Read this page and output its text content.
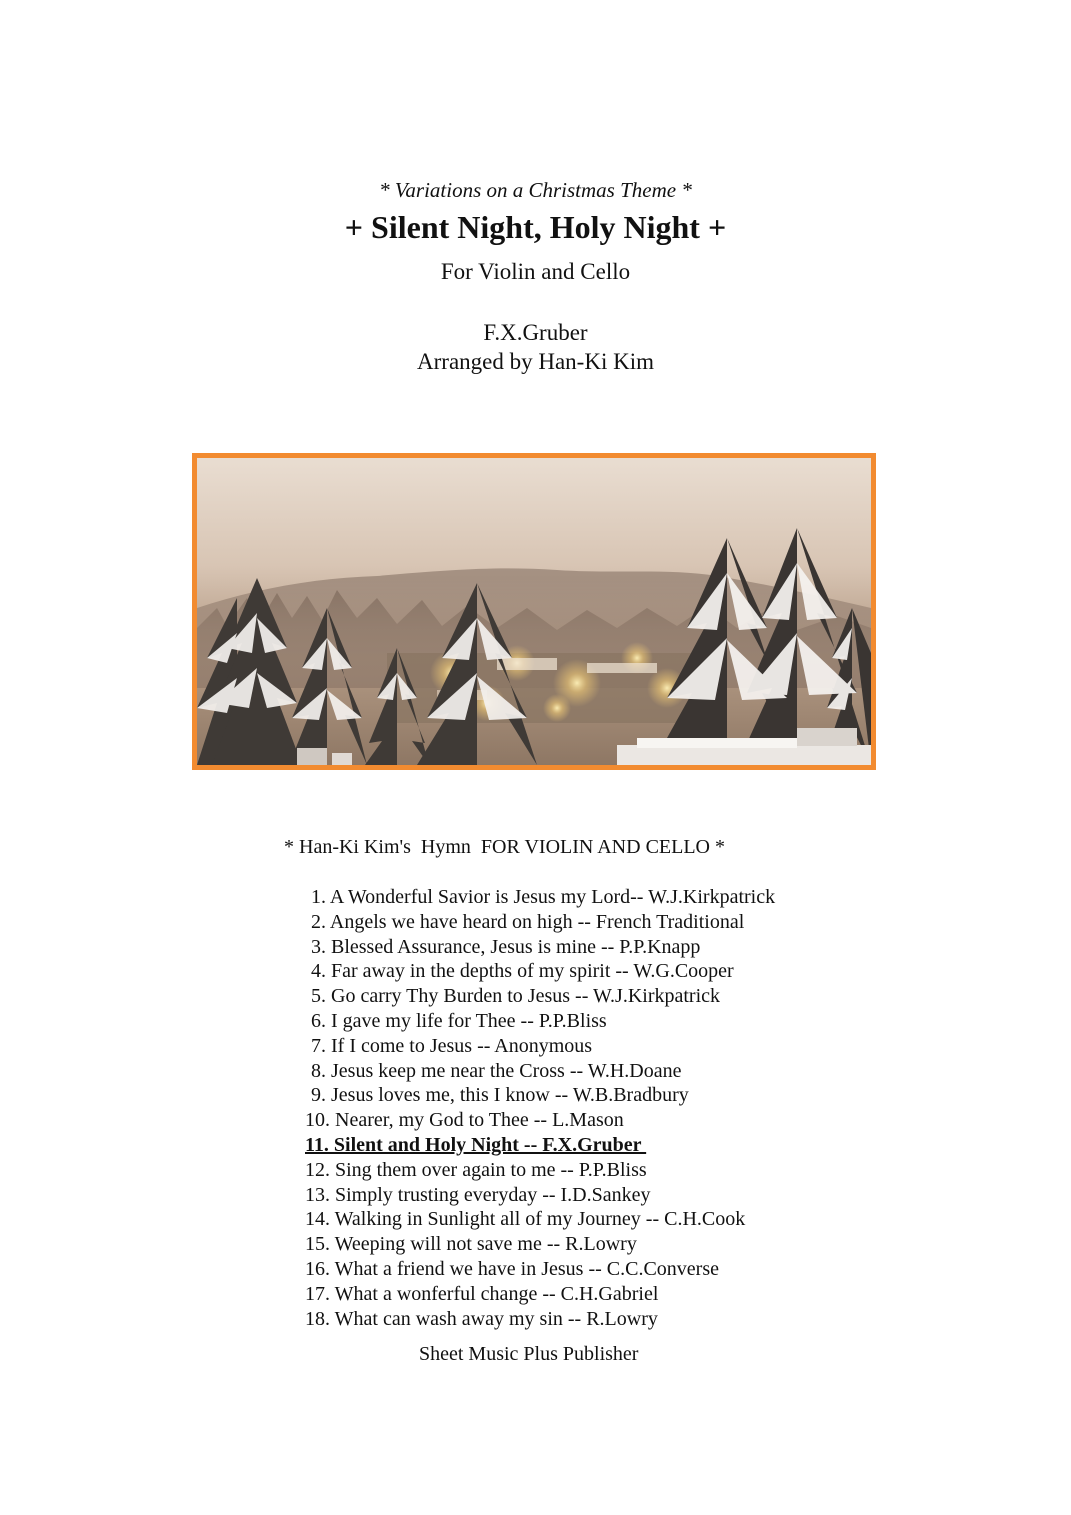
* Variations on a Christmas Theme *
+ Silent Night, Holy Night +
For Violin and Cello
F.X.Gruber
Arranged by Han-Ki Kim
* Han-Ki Kim's  Hymn  FOR VIOLIN AND CELLO *
1. A Wonderful Savior is Jesus my Lord-- W.J.Kirkpatrick
2. Angels we have heard on high -- French Traditional
3. Blessed Assurance, Jesus is mine -- P.P.Knapp
4. Far away in the depths of my spirit -- W.G.Cooper
5. Go carry Thy Burden to Jesus -- W.J.Kirkpatrick
6. I gave my life for Thee -- P.P.Bliss
7. If I come to Jesus -- Anonymous
8. Jesus keep me near the Cross -- W.H.Doane
9. Jesus loves me, this I know -- W.B.Bradbury
10. Nearer, my God to Thee -- L.Mason
11. Silent and Holy Night -- F.X.Gruber
12. Sing them over again to me -- P.P.Bliss
13. Simply trusting everyday -- I.D.Sankey
14. Walking in Sunlight all of my Journey -- C.H.Cook
15. Weeping will not save me -- R.Lowry
16. What a friend we have in Jesus -- C.C.Converse
17. What a wonferful change -- C.H.Gabriel
18. What can wash away my sin -- R.Lowry
Sheet Music Plus Publisher
